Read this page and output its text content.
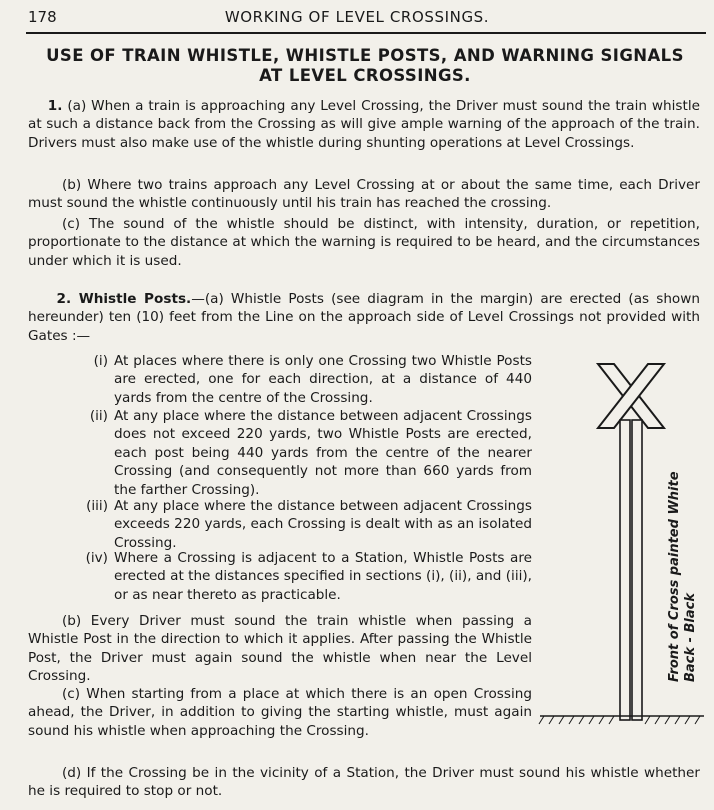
178	WORKING OF LEVEL CROSSINGS.
USE OF TRAIN WHISTLE, WHISTLE POSTS, AND WARNING SIGNALS
AT LEVEL CROSSINGS.

1. (a) When a train is approaching any Level Crossing, the Driver must sound the train whistle at such a distance back from the Crossing as will give ample warning of the approach of the train. Drivers must also make use of the whistle during shunting operations at Level Crossings.

(b) Where two trains approach any Level Crossing at or about the same time, each Driver must sound the whistle continuously until his train has reached the crossing.

(c) The sound of the whistle should be distinct, with intensity, duration, or repetition, proportionate to the distance at which the warning is required to be heard, and the circumstances under which it is used.

2. Whistle Posts.—(a) Whistle Posts (see diagram in the margin) are erected (as shown hereunder) ten (10) feet from the Line on the approach side of Level Crossings not provided with Gates :—

(i) At places where there is only one Crossing two Whistle Posts are erected, one for each direction, at a distance of 440 yards from the centre of the Crossing.
(ii) At any place where the distance between adjacent Crossings does not exceed 220 yards, two Whistle Posts are erected, each post being 440 yards from the centre of the nearer Crossing (and consequently not more than 660 yards from the farther Crossing).
(iii) At any place where the distance between adjacent Crossings exceeds 220 yards, each Crossing is dealt with as an isolated Crossing.
(iv) Where a Crossing is adjacent to a Station, Whistle Posts are erected at the distances specified in sections (i), (ii), and (iii), or as near thereto as practicable.

(b) Every Driver must sound the train whistle when passing a Whistle Post in the direction to which it applies. After passing the Whistle Post, the Driver must again sound the whistle when near the Level Crossing.

(c) When starting from a place at which there is an open Crossing ahead, the Driver, in addition to giving the starting whistle, must again sound his whistle when approaching the Crossing.

(d) If the Crossing be in the vicinity of a Station, the Driver must sound his whistle whether he is required to stop or not.

Front of Cross painted White Back - Black
